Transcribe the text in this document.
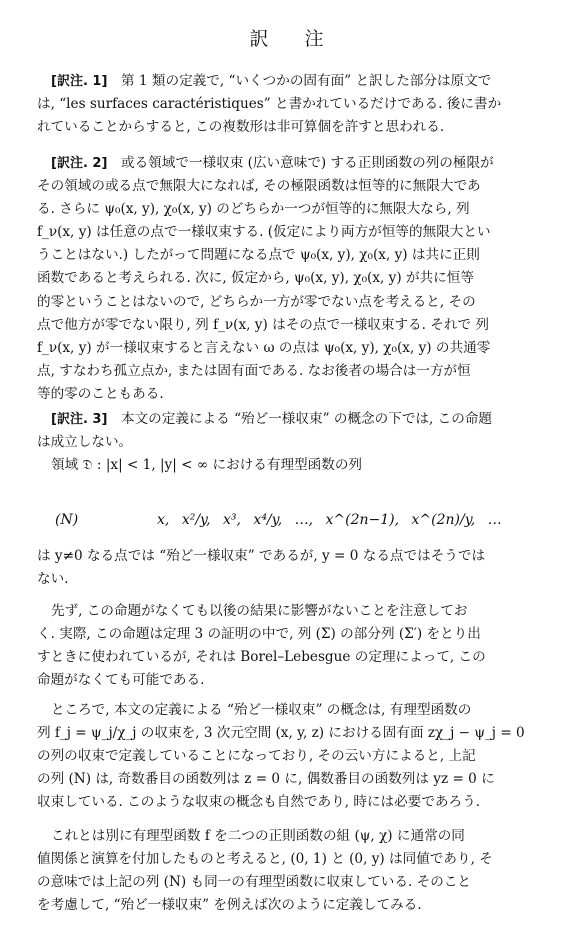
訳 注
[訳注. 1]　 第 1 類の定義で, “いくつかの固有面” と訳した部分は原文で
は, “les surfaces caractéristiques” と書かれているだけである. 後に書か
れていることからすると, この複数形は非可算個を許すと思われる.
[訳注. 2]　 或る領域で一様収束 (広い意味で) する正則函数の列の極限が
その領域の或る点で無限大になれば, その極限函数は恒等的に無限大であ
る. さらに ψ₀(x, y), χ₀(x, y) のどちらか一つが恒等的に無限大なら, 列
f_ν(x, y) は任意の点で一様収束する. (仮定により両方が恒等的無限大とい
うことはない.) したがって問題になる点で ψ₀(x, y), χ₀(x, y) は共に正則
函数であると考えられる. 次に, 仮定から, ψ₀(x, y), χ₀(x, y) が共に恒等
的零ということはないので, どちらか一方が零でない点を考えると, その
点で他方が零でない限り, 列 f_ν(x, y) はその点で一様収束する. それで 列
f_ν(x, y) が一様収束すると言えない ω の点は ψ₀(x, y), χ₀(x, y) の共通零
点, すなわち孤立点か, または固有面である. なお後者の場合は一方が恒
等的零のこともある.
[訳注. 3]　 本文の定義による “殆ど一様収束” の概念の下では, この命題
は成立しない。
領域 𝔇 : |x| < 1, |y| < ∞ における有理型函数の列
(N)	x, x²/y, x³, x⁴/y, …, x^(2n−1), x^(2n)/y, …
は y≠0 なる点では “殆ど一様収束” であるが, y = 0 なる点ではそうでは
ない.
先ず, この命題がなくても以後の結果に影響がないことを注意してお
く. 実際, この命題は定理 3 の証明の中で, 列 (Σ) の部分列 (Σ′) をとり出
すときに使われているが, それは Borel–Lebesgue の定理によって, この
命題がなくても可能である.
ところで, 本文の定義による “殆ど一様収束” の概念は, 有理型函数の
列 f_j = ψ_j/χ_j の収束を, 3 次元空間 (x, y, z) における固有面 zχ_j − ψ_j = 0
の列の収束で定義していることになっており, その云い方によると, 上記
の列 (N) は, 奇数番目の函数列は z = 0 に, 偶数番目の函数列は yz = 0 に
収束している. このような収束の概念も自然であり, 時には必要であろう.
これとは別に有理型函数 f を二つの正則函数の組 (ψ, χ) に通常の同
値関係と演算を付加したものと考えると, (0, 1) と (0, y) は同値であり, そ
の意味では上記の列 (N) も同一の有理型函数に収束している. そのこと
を考慮して, “殆ど一様収束” を例えば次のように定義してみる.
